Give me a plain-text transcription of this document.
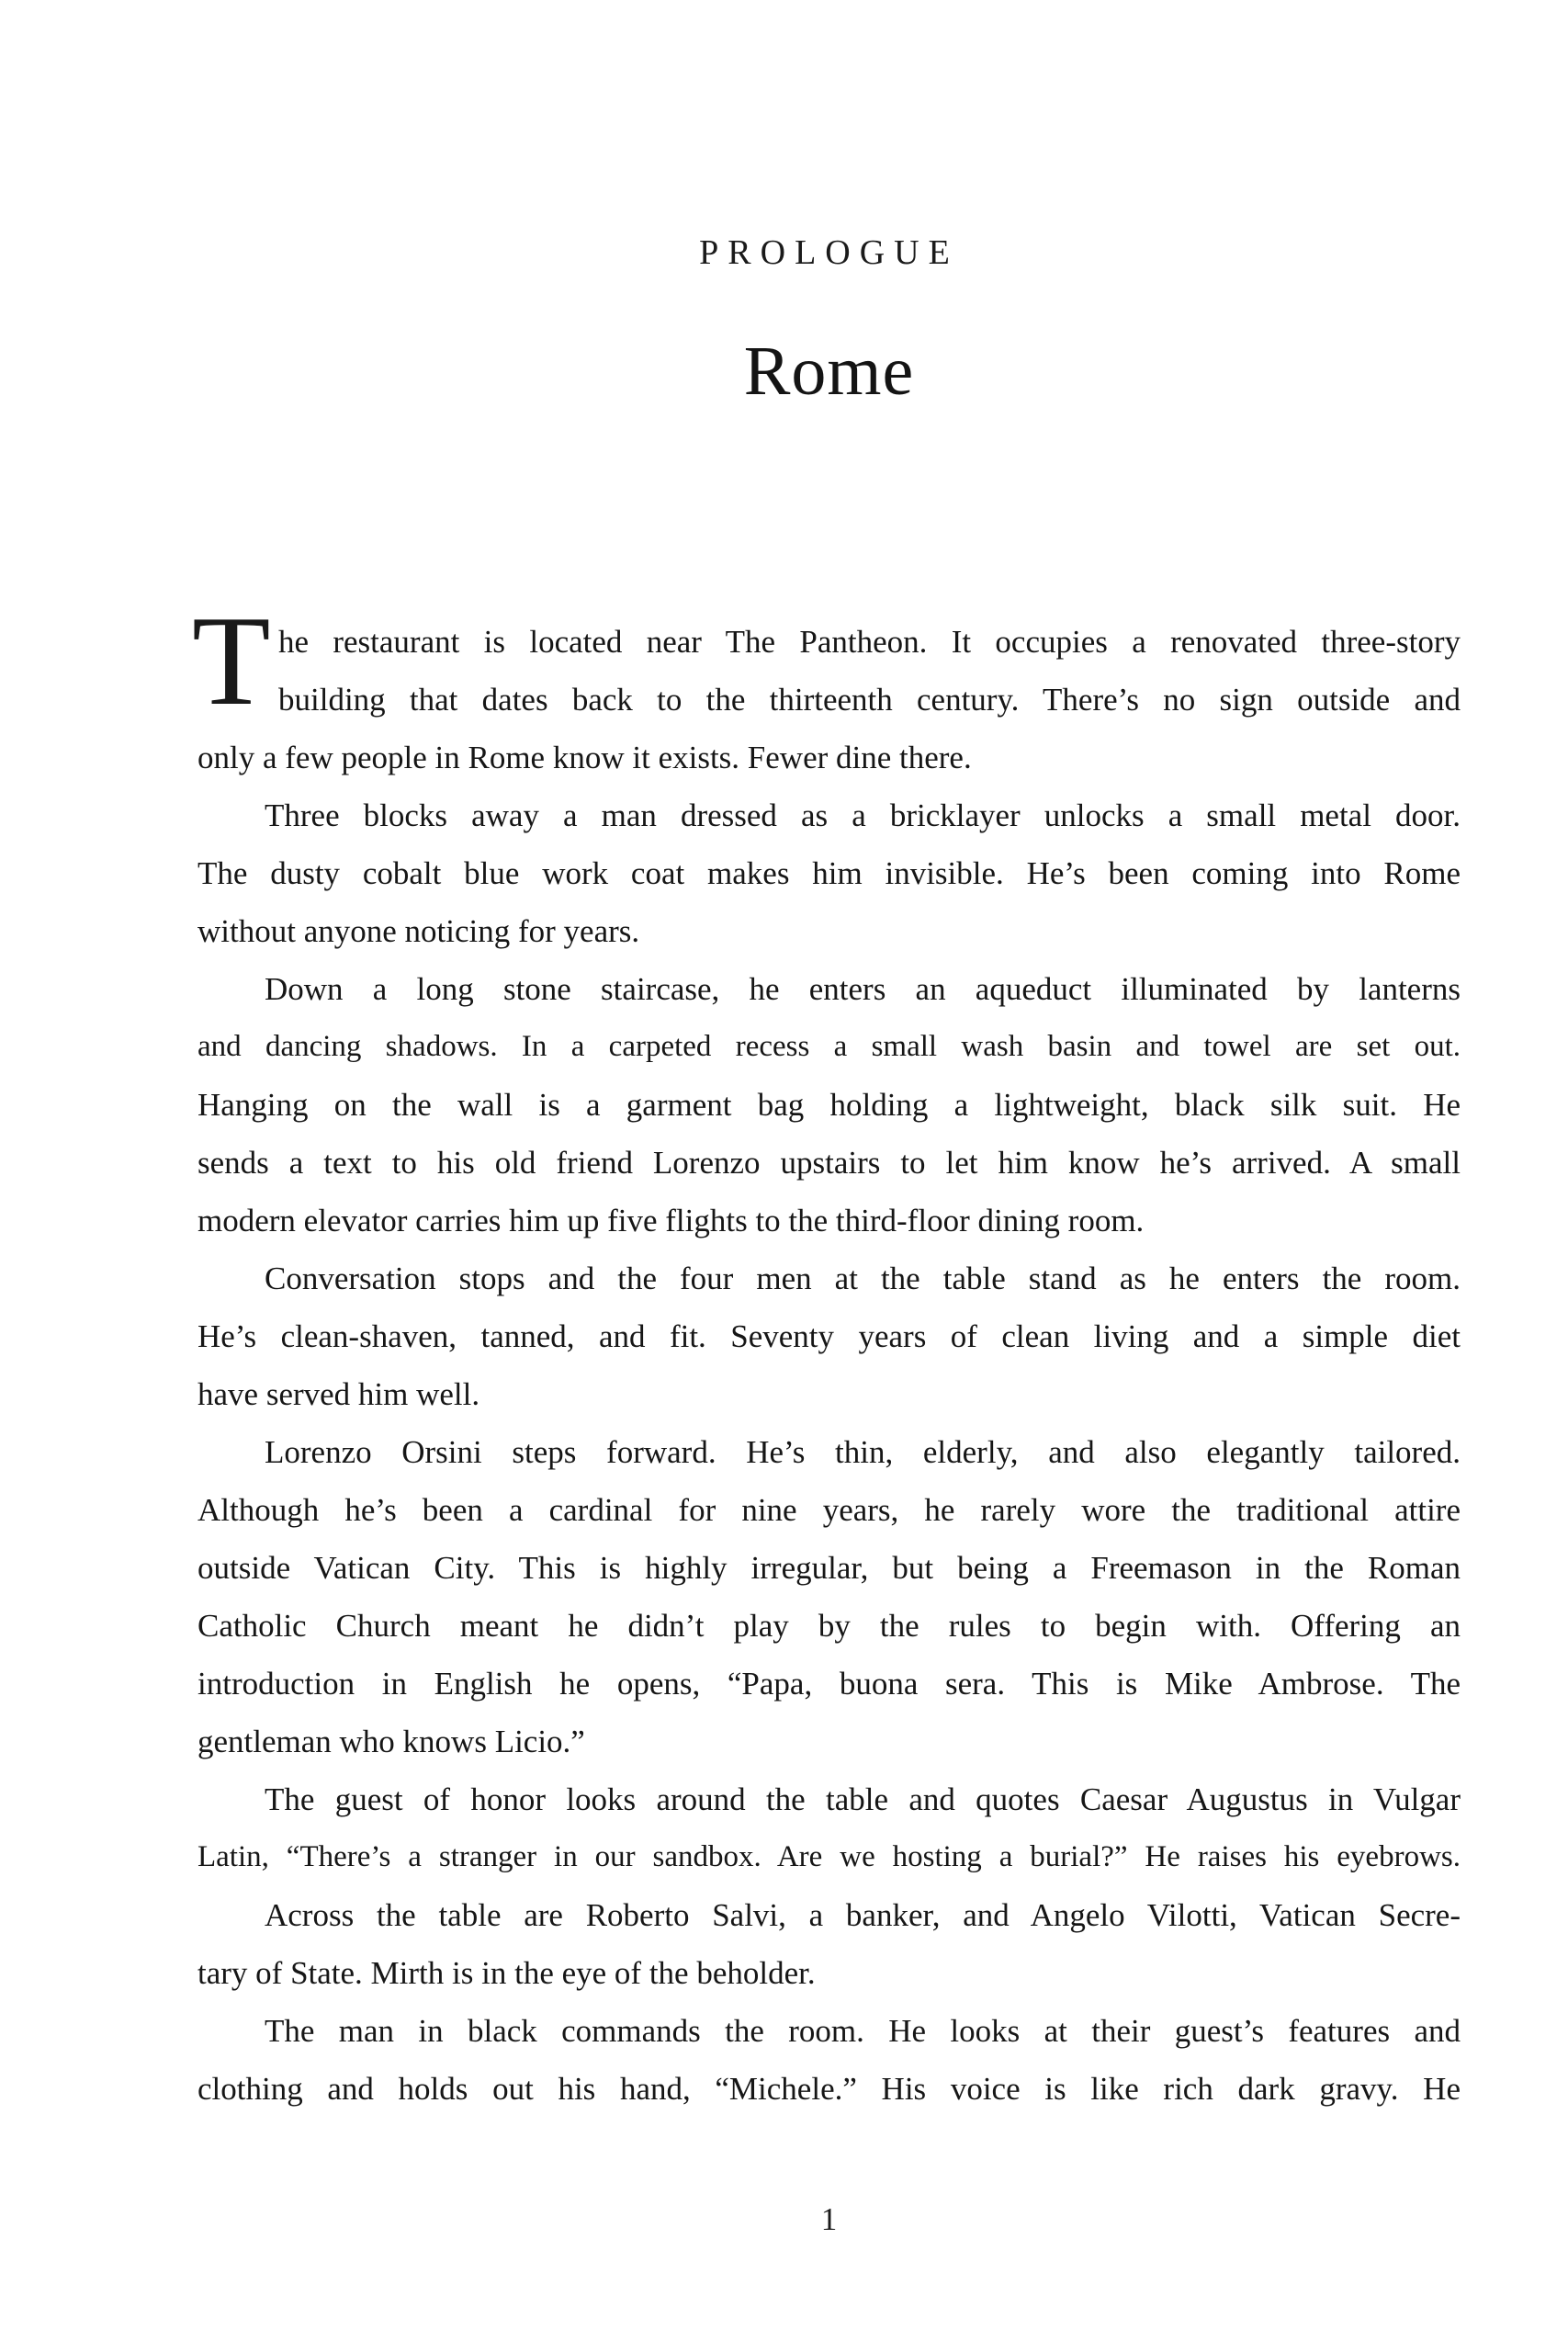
PROLOGUE
Rome
T he restaurant is located near The Pantheon. It occupies a renovated three-story
building that dates back to the thirteenth century. There’s no sign outside and
only a few people in Rome know it exists. Fewer dine there.
Three blocks away a man dressed as a bricklayer unlocks a small metal door.
The dusty cobalt blue work coat makes him invisible. He’s been coming into Rome
without anyone noticing for years.
Down a long stone staircase, he enters an aqueduct illuminated by lanterns
and dancing shadows. In a carpeted recess a small wash basin and towel are set out.
Hanging on the wall is a garment bag holding a lightweight, black silk suit. He
sends a text to his old friend Lorenzo upstairs to let him know he’s arrived. A small
modern elevator carries him up five flights to the third-floor dining room.
Conversation stops and the four men at the table stand as he enters the room.
He’s clean-shaven, tanned, and fit. Seventy years of clean living and a simple diet
have served him well.
Lorenzo Orsini steps forward. He’s thin, elderly, and also elegantly tailored.
Although he’s been a cardinal for nine years, he rarely wore the traditional attire
outside Vatican City. This is highly irregular, but being a Freemason in the Roman
Catholic Church meant he didn’t play by the rules to begin with. Offering an
introduction in English he opens, “Papa, buona sera. This is Mike Ambrose. The
gentleman who knows Licio.”
The guest of honor looks around the table and quotes Caesar Augustus in Vulgar
Latin, “There’s a stranger in our sandbox. Are we hosting a burial?” He raises his eyebrows.
Across the table are Roberto Salvi, a banker, and Angelo Vilotti, Vatican Secre-
tary of State. Mirth is in the eye of the beholder.
The man in black commands the room. He looks at their guest’s features and
clothing and holds out his hand, “Michele.” His voice is like rich dark gravy. He
1
